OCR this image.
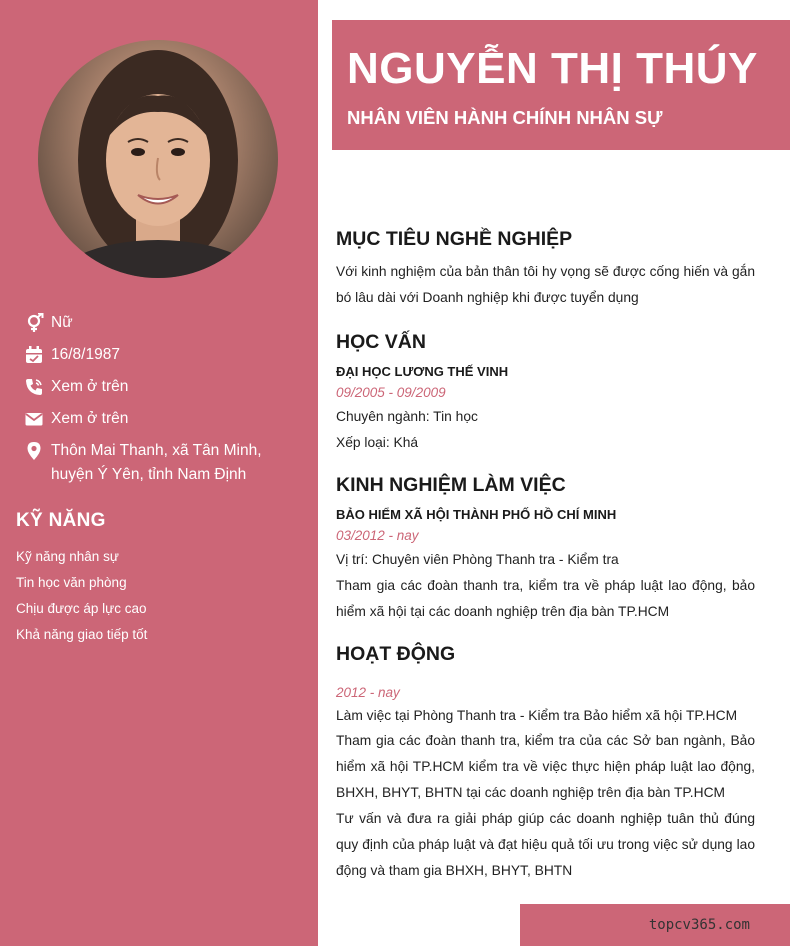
Nữ
16/8/1987
Xem ở trên
Xem ở trên
Thôn Mai Thanh, xã Tân Minh,
huyện Ý Yên, tỉnh Nam Định
KỸ NĂNG
Kỹ năng nhân sự
Tin học văn phòng
Chịu được áp lực cao
Khả năng giao tiếp tốt
NGUYỄN THỊ THÚY
NHÂN VIÊN HÀNH CHÍNH NHÂN SỰ
MỤC TIÊU NGHỀ NGHIỆP

Với kinh nghiệm của bản thân tôi hy vọng sẽ được cống hiến và gắn bó lâu dài với Doanh nghiệp khi được tuyển dụng

HỌC VẤN

ĐẠI HỌC LƯƠNG THẾ VINH

09/2005 - 09/2009

Chuyên ngành: Tin học

Xếp loại: Khá

KINH NGHIỆM LÀM VIỆC

BẢO HIỂM XÃ HỘI THÀNH PHỐ HỒ CHÍ MINH

03/2012 - nay

Vị trí: Chuyên viên Phòng Thanh tra - Kiểm tra

Tham gia các đoàn thanh tra, kiểm tra về pháp luật lao động, bảo hiểm xã hội tại các doanh nghiệp trên địa bàn TP.HCM

HOẠT ĐỘNG
2012 - nay

Làm việc tại Phòng Thanh tra - Kiểm tra Bảo hiểm xã hội TP.HCM

Tham gia các đoàn thanh tra, kiểm tra của các Sở ban ngành, Bảo hiểm xã hội TP.HCM kiểm tra về việc thực hiện pháp luật lao động, BHXH, BHYT, BHTN tại các doanh nghiệp trên địa bàn TP.HCM

Tư vấn và đưa ra giải pháp giúp các doanh nghiệp tuân thủ đúng quy định của pháp luật và đạt hiệu quả tối ưu trong việc sử dụng lao động và tham gia BHXH, BHYT, BHTN

topcv365.com
